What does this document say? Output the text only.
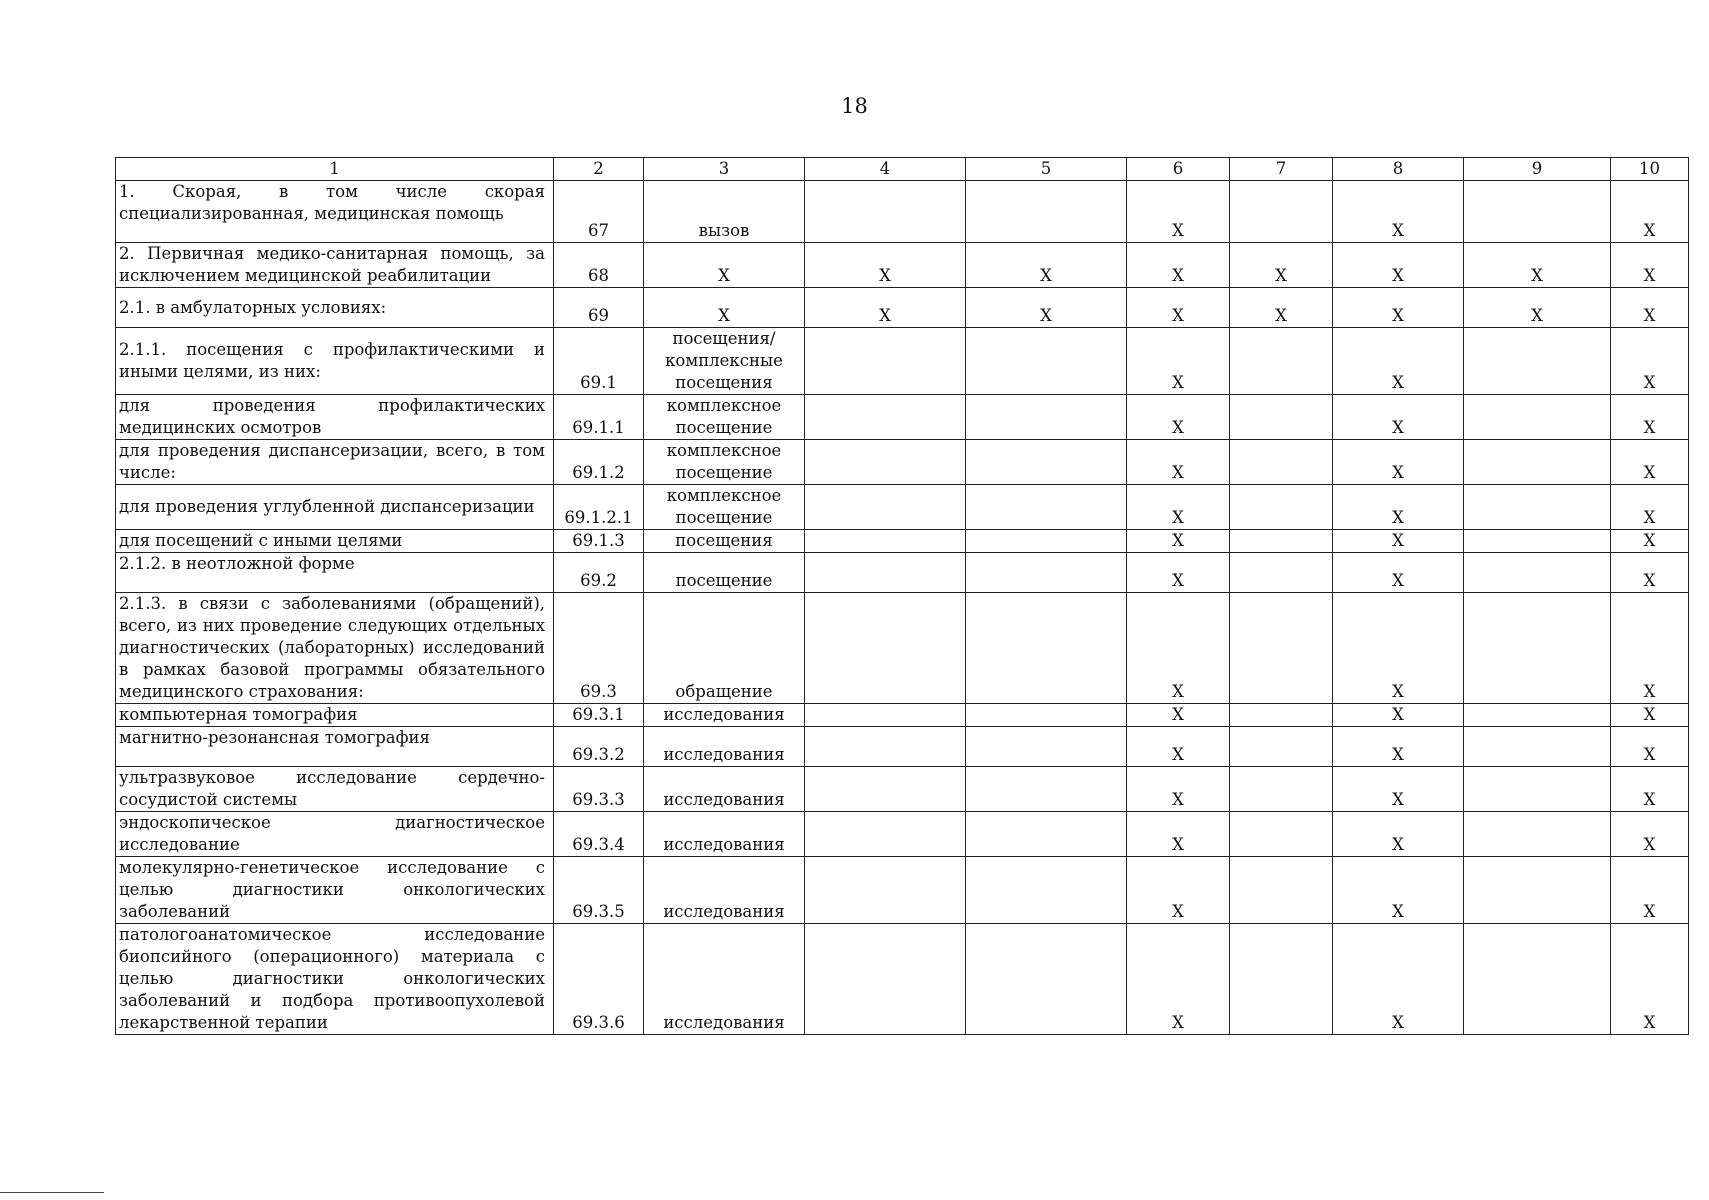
18
1	2	3	4	5	6	7	8	9	10
1. Скорая, в том числе скорая специализированная, медицинская помощь	67	вызов			X		X		X
2. Первичная медико-санитарная помощь, за исключением медицинской реабилитации	68	X	X	X	X	X	X	X	X
2.1. в амбулаторных условиях:	69	X	X	X	X	X	X	X	X
2.1.1. посещения с профилактическими и иными целями, из них:	69.1	посещения/ комплексные посещения			X		X		X
для проведения профилактических медицинских осмотров	69.1.1	комплексное посещение			X		X		X
для проведения диспансеризации, всего, в том числе:	69.1.2	комплексное посещение			X		X		X
для проведения углубленной диспансеризации	69.1.2.1	комплексное посещение			X		X		X
для посещений с иными целями	69.1.3	посещения			X		X		X
2.1.2. в неотложной форме	69.2	посещение			X		X		X
2.1.3. в связи с заболеваниями (обращений), всего, из них проведение следующих отдельных диагностических (лабораторных) исследований в рамках базовой программы обязательного медицинского страхования:	69.3	обращение			X		X		X
компьютерная томография	69.3.1	исследования			X		X		X
магнитно-резонансная томография	69.3.2	исследования			X		X		X
ультразвуковое исследование сердечно-сосудистой системы	69.3.3	исследования			X		X		X
эндоскопическое диагностическое исследование	69.3.4	исследования			X		X		X
молекулярно-генетическое исследование с целью диагностики онкологических заболеваний	69.3.5	исследования			X		X		X
патологоанатомическое исследование биопсийного (операционного) материала с целью диагностики онкологических заболеваний и подбора противоопухолевой лекарственной терапии	69.3.6	исследования			X		X		X
